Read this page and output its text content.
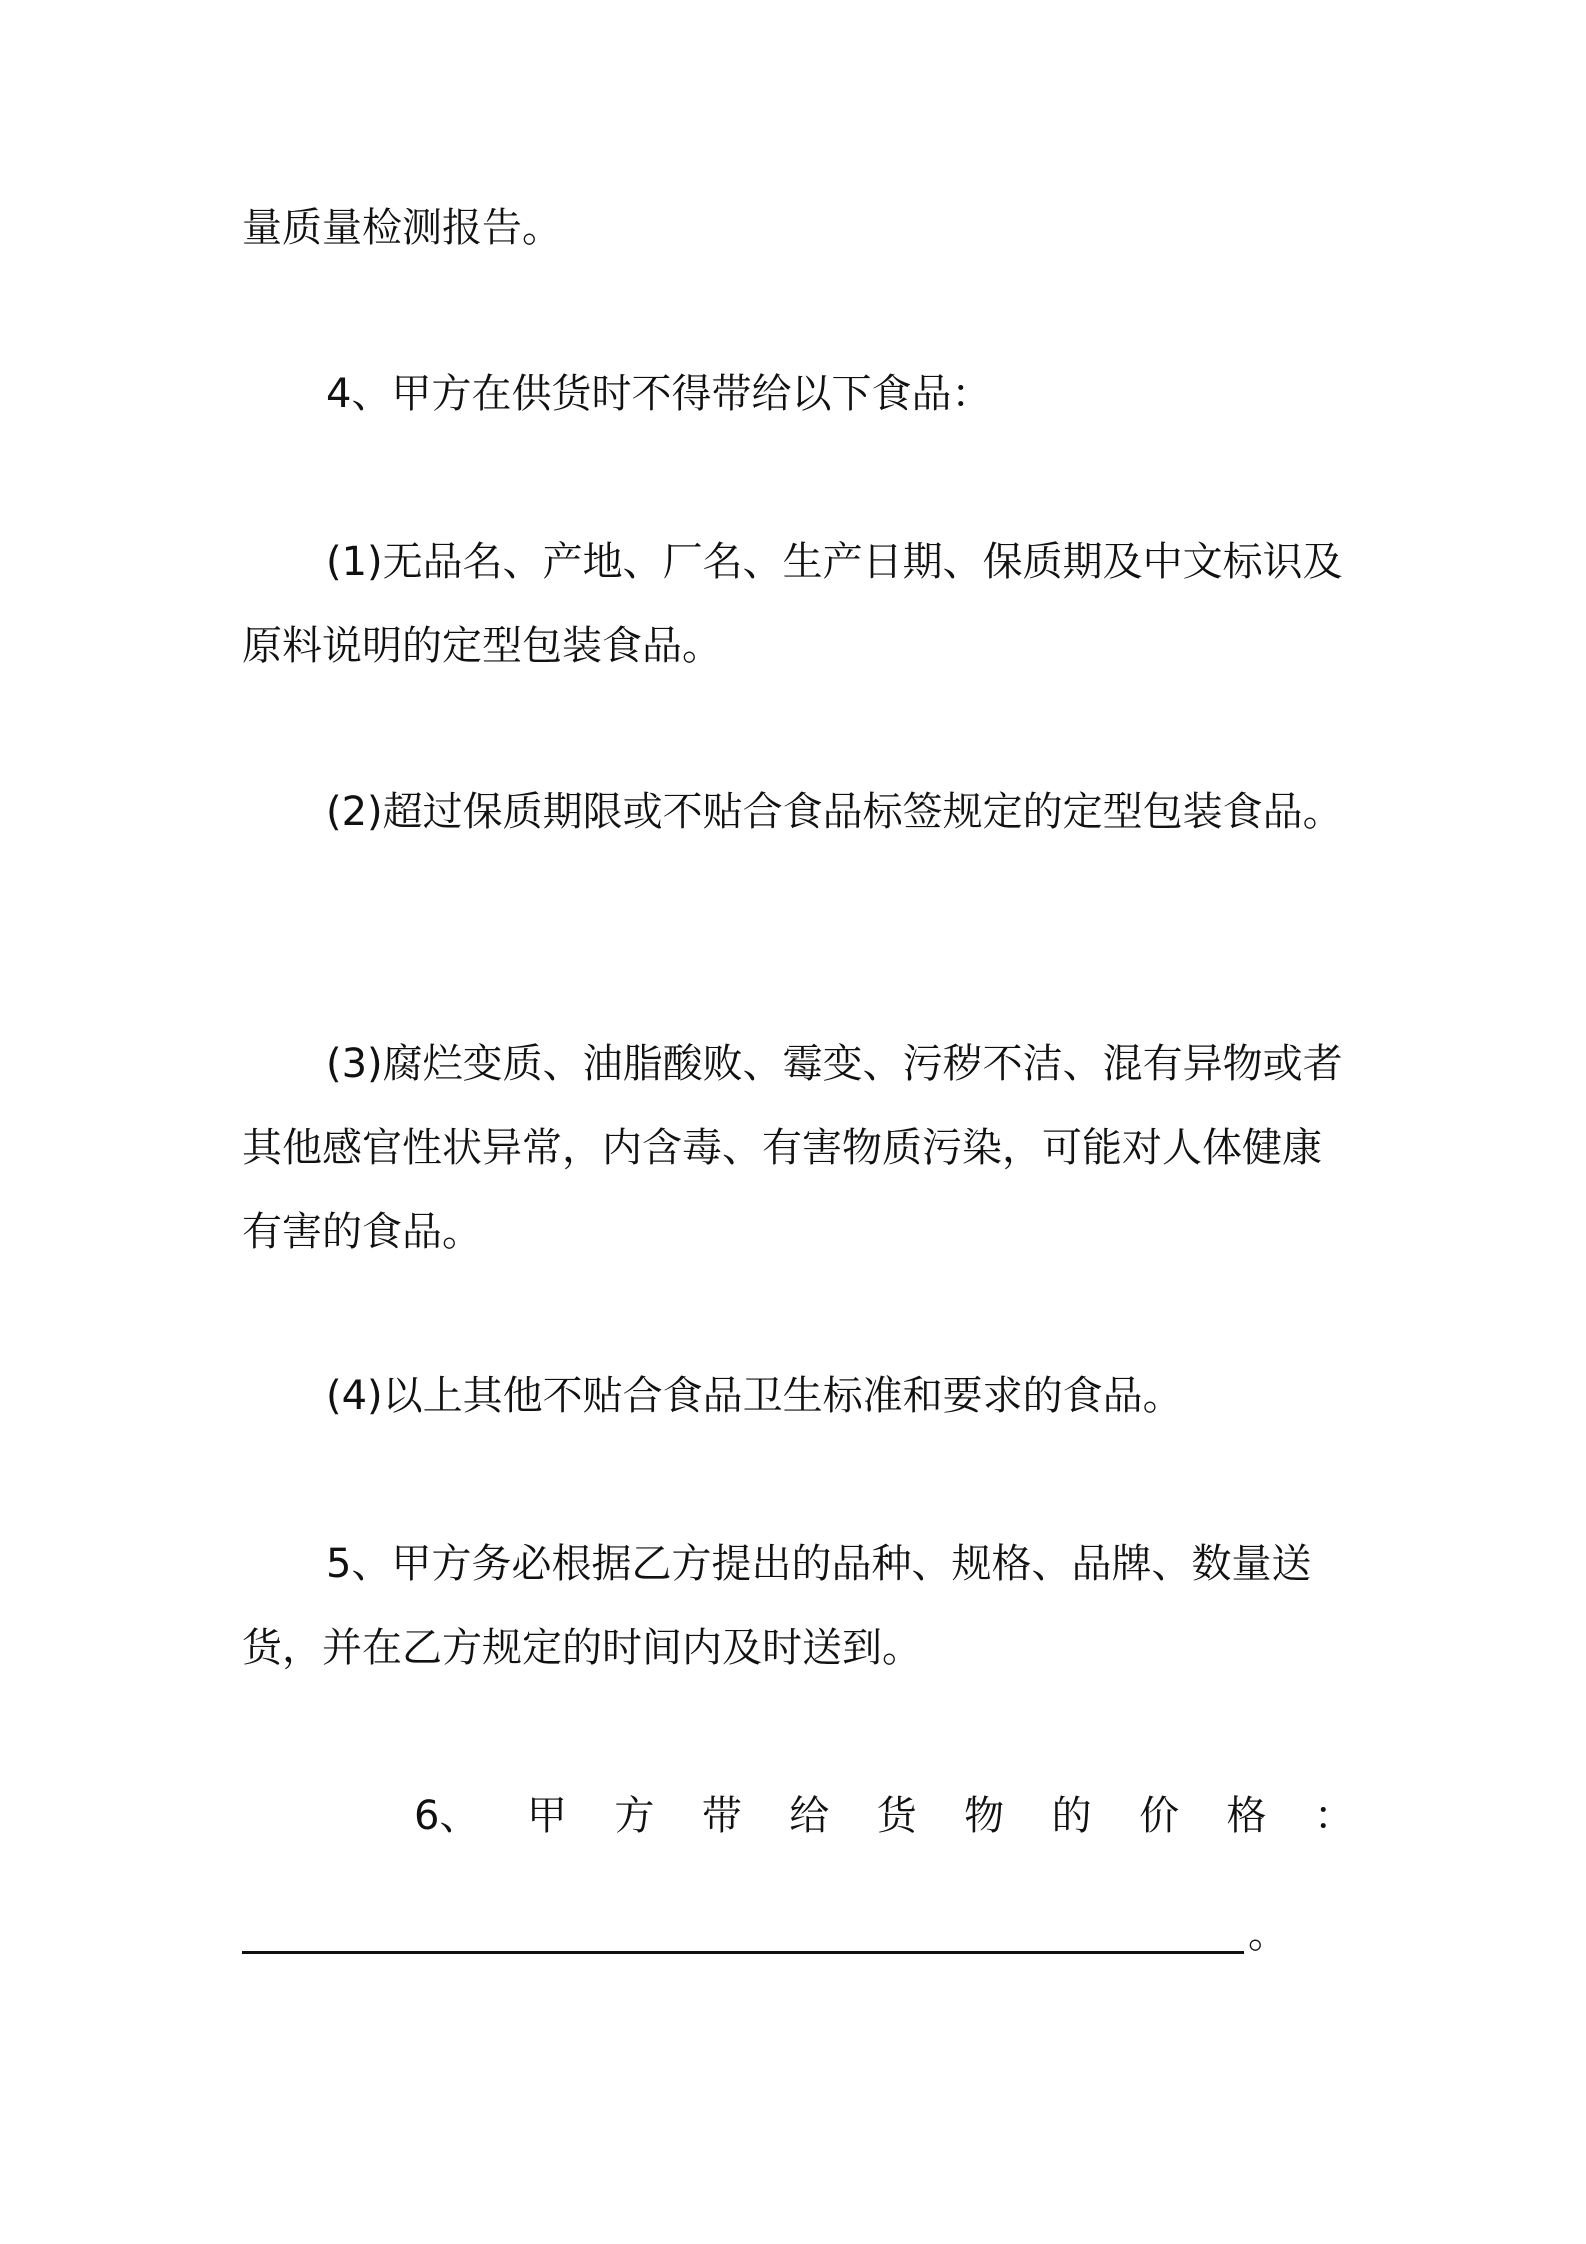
量质量检测报告。

4、甲方在供货时不得带给以下食品：

(1)无品名、产地、厂名、生产日期、保质期及中文标识及原料说明的定型包装食品。

(2)超过保质期限或不贴合食品标签规定的定型包装食品。

(3)腐烂变质、油脂酸败、霉变、污秽不洁、混有异物或者其他感官性状异常，内含毒、有害物质污染，可能对人体健康有害的食品。

(4)以上其他不贴合食品卫生标准和要求的食品。

5、甲方务必根据乙方提出的品种、规格、品牌、数量送货，并在乙方规定的时间内及时送到。

6、 甲 方 带 给 货 物 的 价 格 ：
。
